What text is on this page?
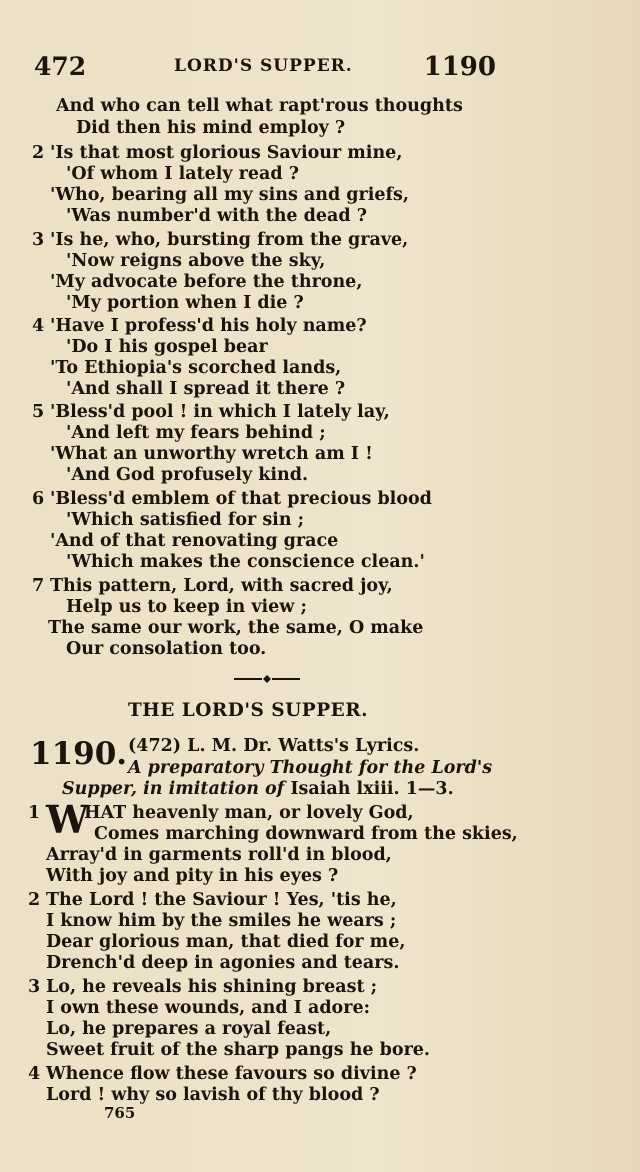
472	LORD'S SUPPER.	1190
And who can tell what rapt'rous thoughts
Did then his mind employ ?
2 'Is that most glorious Saviour mine,
'Of whom I lately read ?
'Who, bearing all my sins and griefs,
'Was number'd with the dead ?
3 'Is he, who, bursting from the grave,
'Now reigns above the sky,
'My advocate before the throne,
'My portion when I die ?
4 'Have I profess'd his holy name?
'Do I his gospel bear
'To Ethiopia's scorched lands,
'And shall I spread it there ?
5 'Bless'd pool ! in which I lately lay,
'And left my fears behind ;
'What an unworthy wretch am I !
'And God profusely kind.
6 'Bless'd emblem of that precious blood
'Which satisfied for sin ;
'And of that renovating grace
'Which makes the conscience clean.'
7 This pattern, Lord, with sacred joy,
Help us to keep in view ;
The same our work, the same, O make
Our consolation too.
THE LORD'S SUPPER.
1190. (472) L. M. Dr. Watts's Lyrics.
A preparatory Thought for the Lord's
Supper, in imitation of Isaiah lxiii. 1—3.
1 W
HAT heavenly man, or lovely God,
Comes marching downward from the skies,
Array'd in garments roll'd in blood,
With joy and pity in his eyes ?
2 The Lord ! the Saviour ! Yes, 'tis he,
I know him by the smiles he wears ;
Dear glorious man, that died for me,
Drench'd deep in agonies and tears.
3 Lo, he reveals his shining breast ;
I own these wounds, and I adore:
Lo, he prepares a royal feast,
Sweet fruit of the sharp pangs he bore.
4 Whence flow these favours so divine ?
Lord ! why so lavish of thy blood ?
765
